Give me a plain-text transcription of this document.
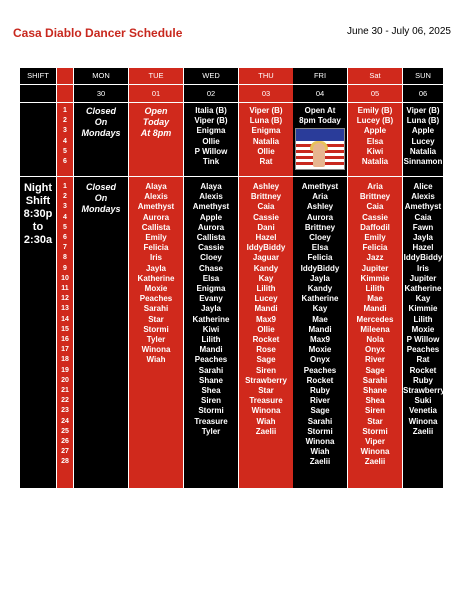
Casa Diablo Dancer Schedule	June 30 - July 06, 2025
SHIFT
Night
Shift
8:30p
to
2:30a
1
2
3
4
5
6
1
2
3
4
5
6
7
8
9
10
11
12
13
14
15
16
17
18
19
20
21
22
23
24
25
26
27
28
MON
30
Closed
On
Mondays
Closed
On
Mondays
TUE
01
Open
Today
At 8pm
Alaya
Alexis
Amethyst
Aurora
Callista
Emily
Felicia
Iris
Jayla
Katherine
Moxie
Peaches
Sarahi
Star
Stormi
Tyler
Winona
Wiah
WED
02
Italia (B)
Viper (B)
Enigma
Ollie
P Willow
Tink
Alaya
Alexis
Amethyst
Apple
Aurora
Callista
Cassie
Cloey
Chase
Elsa
Enigma
Evany
Jayla
Katherine
Kiwi
Lilith
Mandi
Peaches
Sarahi
Shane
Shea
Siren
Stormi
Treasure
Tyler
THU
03
Viper (B)
Luna (B)
Enigma
Natalia
Ollie
Rat
Ashley
Brittney
Caia
Cassie
Dani
Hazel
IddyBiddy
Jaguar
Kandy
Kay
Lilith
Lucey
Mandi
Max9
Ollie
Rocket
Rose
Sage
Siren
Strawberry
Star
Treasure
Winona
Wiah
Zaelii
FRI
04
Open At
8pm Today
Amethyst
Aria
Ashley
Aurora
Brittney
Cloey
Elsa
Felicia
IddyBiddy
Jayla
Kandy
Katherine
Kay
Mae
Mandi
Max9
Moxie
Onyx
Peaches
Rocket
Ruby
River
Sage
Sarahi
Stormi
Winona
Wiah
Zaelii
Sat
05
Emily (B)
Lucey (B)
Apple
Elsa
Kiwi
Natalia
Aria
Brittney
Caia
Cassie
Daffodil
Emily
Felicia
Jazz
Jupiter
Kimmie
Lilith
Mae
Mandi
Mercedes
Mileena
Nola
Onyx
River
Sage
Sarahi
Shane
Shea
Siren
Star
Stormi
Viper
Winona
Zaelii
SUN
06
Viper (B)
Luna (B)
Apple
Lucey
Natalia
Sinnamon
Alice
Alexis
Amethyst
Caia
Fawn
Jayla
Hazel
IddyBiddy
Iris
Jupiter
Katherine
Kay
Kimmie
Lilith
Moxie
P Willow
Peaches
Rat
Rocket
Ruby
Strawberry
Suki
Venetia
Winona
Zaelii
